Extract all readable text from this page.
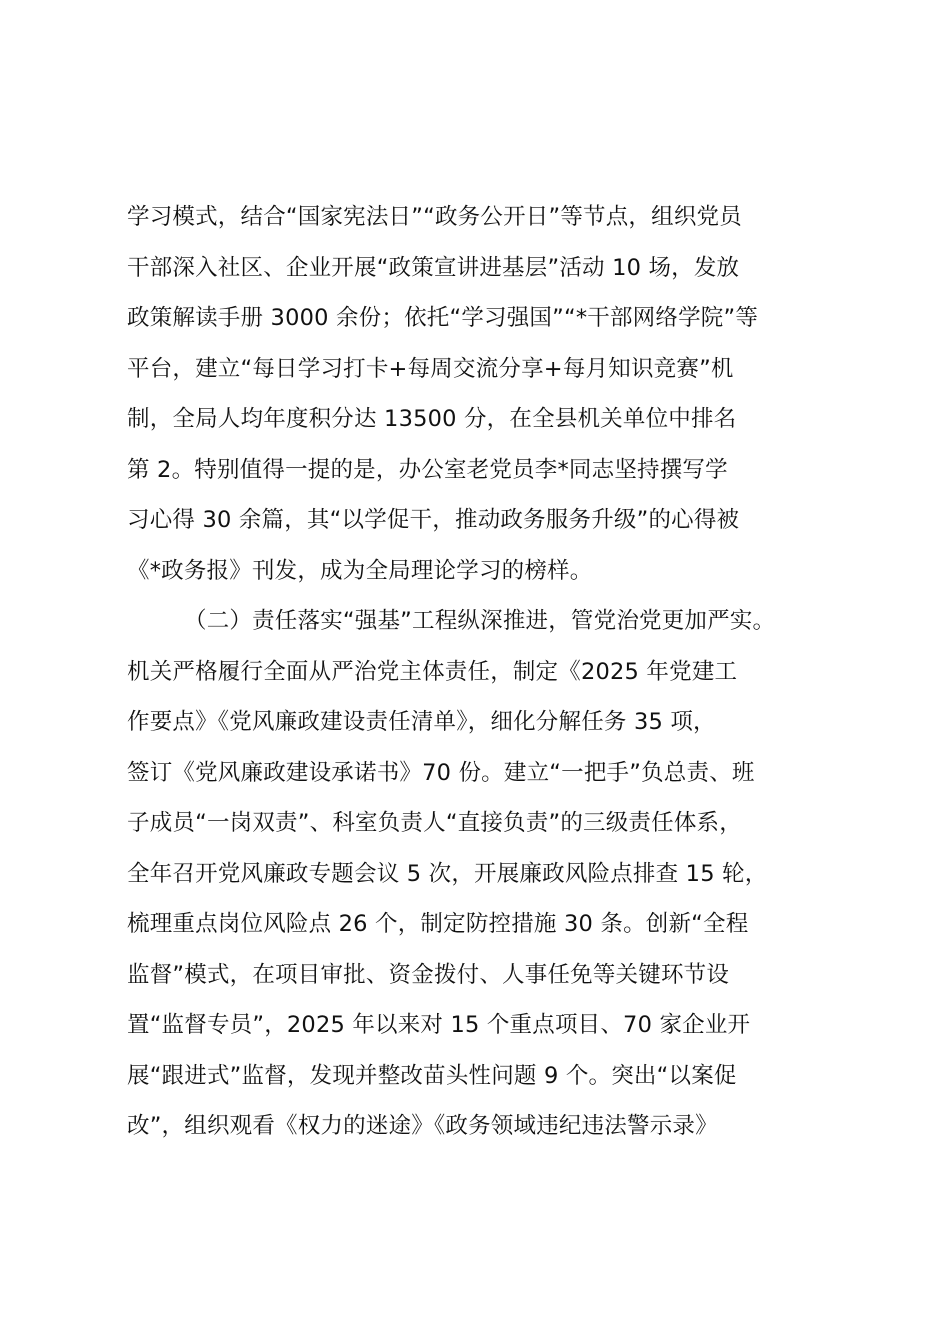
学习模式，结合“国家宪法日”“政务公开日”等节点，组织党员
干部深入社区、企业开展“政策宣讲进基层”活动 10 场，发放
政策解读手册 3000 余份；依托“学习强国”“*干部网络学院”等
平台，建立“每日学习打卡+每周交流分享+每月知识竞赛”机
制，全局人均年度积分达 13500 分，在全县机关单位中排名
第 2。特别值得一提的是，办公室老党员李*同志坚持撰写学
习心得 30 余篇，其“以学促干，推动政务服务升级”的心得被
《*政务报》刊发，成为全局理论学习的榜样。
（二）责任落实“强基”工程纵深推进，管党治党更加严实。
机关严格履行全面从严治党主体责任，制定《2025 年党建工
作要点》《党风廉政建设责任清单》，细化分解任务 35 项，
签订《党风廉政建设承诺书》70 份。建立“一把手”负总责、班
子成员“一岗双责”、科室负责人“直接负责”的三级责任体系，
全年召开党风廉政专题会议 5 次，开展廉政风险点排查 15 轮，
梳理重点岗位风险点 26 个，制定防控措施 30 条。创新“全程
监督”模式，在项目审批、资金拨付、人事任免等关键环节设
置“监督专员”，2025 年以来对 15 个重点项目、70 家企业开
展“跟进式”监督，发现并整改苗头性问题 9 个。突出“以案促
改”，组织观看《权力的迷途》《政务领域违纪违法警示录》
